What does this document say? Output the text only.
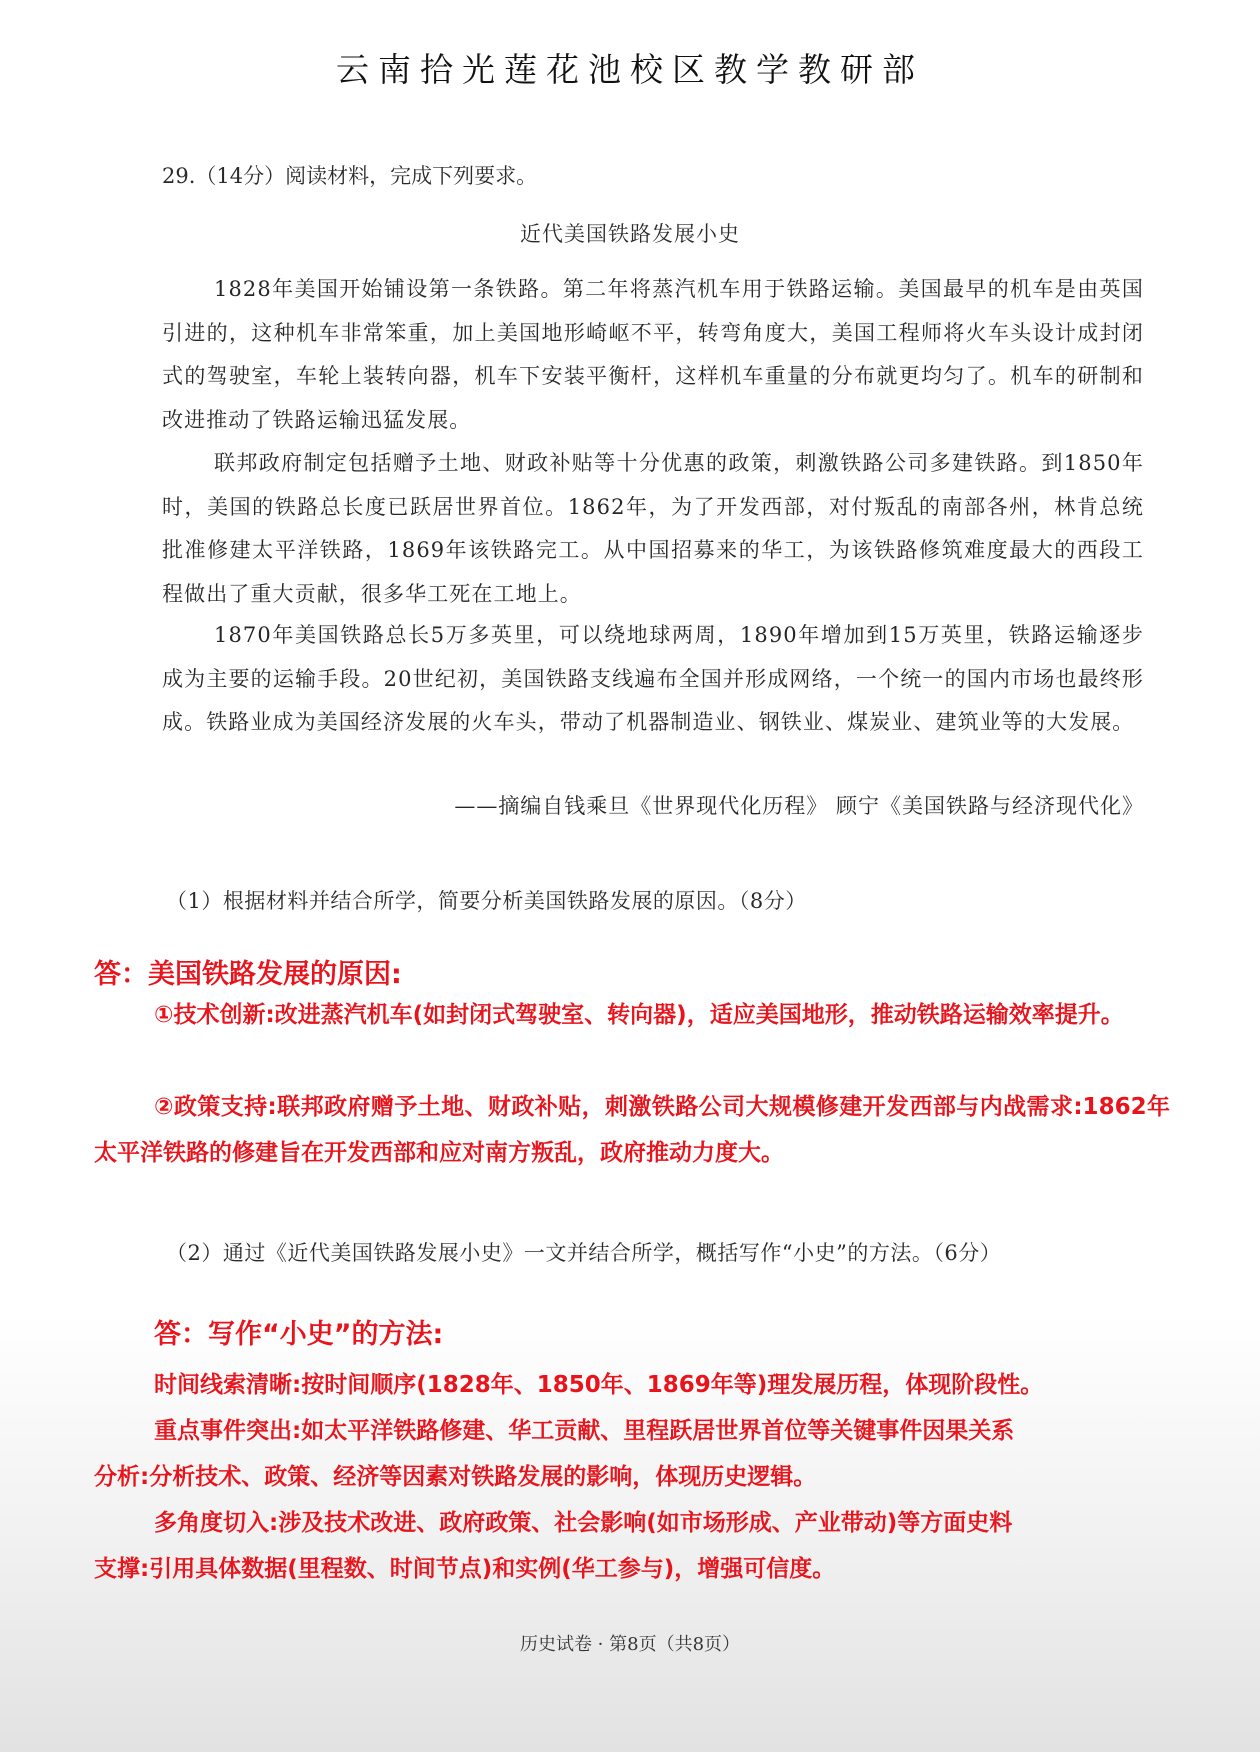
云南拾光莲花池校区教学教研部
29.（14分）阅读材料，完成下列要求。
近代美国铁路发展小史
1828年美国开始铺设第一条铁路。第二年将蒸汽机车用于铁路运输。美国最早的机车是由英国引进的，这种机车非常笨重，加上美国地形崎岖不平，转弯角度大，美国工程师将火车头设计成封闭式的驾驶室，车轮上装转向器，机车下安装平衡杆，这样机车重量的分布就更均匀了。机车的研制和改进推动了铁路运输迅猛发展。
联邦政府制定包括赠予土地、财政补贴等十分优惠的政策，刺激铁路公司多建铁路。到1850年时，美国的铁路总长度已跃居世界首位。1862年，为了开发西部，对付叛乱的南部各州，林肯总统批准修建太平洋铁路，1869年该铁路完工。从中国招募来的华工，为该铁路修筑难度最大的西段工程做出了重大贡献，很多华工死在工地上。
1870年美国铁路总长5万多英里，可以绕地球两周，1890年增加到15万英里，铁路运输逐步成为主要的运输手段。20世纪初，美国铁路支线遍布全国并形成网络，一个统一的国内市场也最终形成。铁路业成为美国经济发展的火车头，带动了机器制造业、钢铁业、煤炭业、建筑业等的大发展。
——摘编自钱乘旦《世界现代化历程》 顾宁《美国铁路与经济现代化》
（1）根据材料并结合所学，简要分析美国铁路发展的原因。（8分）
答：美国铁路发展的原因:
①技术创新:改进蒸汽机车(如封闭式驾驶室、转向器)，适应美国地形，推动铁路运输效率提升。
②政策支持:联邦政府赠予土地、财政补贴，刺激铁路公司大规模修建开发西部与内战需求:1862年太平洋铁路的修建旨在开发西部和应对南方叛乱，政府推动力度大。
（2）通过《近代美国铁路发展小史》一文并结合所学，概括写作“小史”的方法。（6分）
答：写作“小史”的方法:
时间线索清晰:按时间顺序(1828年、1850年、1869年等)理发展历程，体现阶段性。
重点事件突出:如太平洋铁路修建、华工贡献、里程跃居世界首位等关键事件因果关系
分析:分析技术、政策、经济等因素对铁路发展的影响，体现历史逻辑。
多角度切入:涉及技术改进、政府政策、社会影响(如市场形成、产业带动)等方面史料
支撑:引用具体数据(里程数、时间节点)和实例(华工参与)，增强可信度。
历史试卷 · 第8页（共8页）
